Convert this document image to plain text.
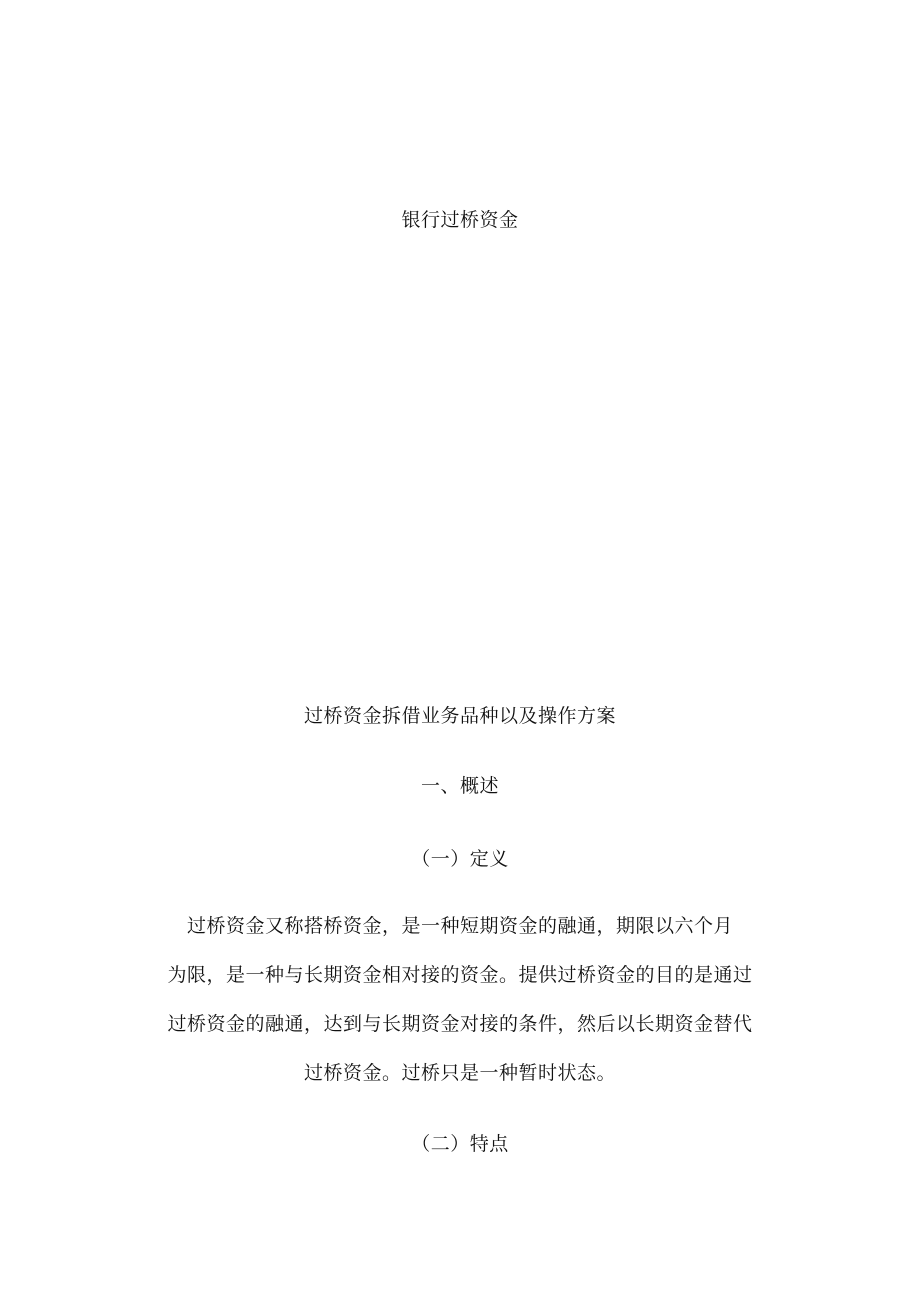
银行过桥资金
过桥资金拆借业务品种以及操作方案
一、概述
（一）定义
过桥资金又称搭桥资金，是一种短期资金的融通，期限以六个月
为限，是一种与长期资金相对接的资金。提供过桥资金的目的是通过
过桥资金的融通，达到与长期资金对接的条件，然后以长期资金替代
过桥资金。过桥只是一种暂时状态。
（二）特点
